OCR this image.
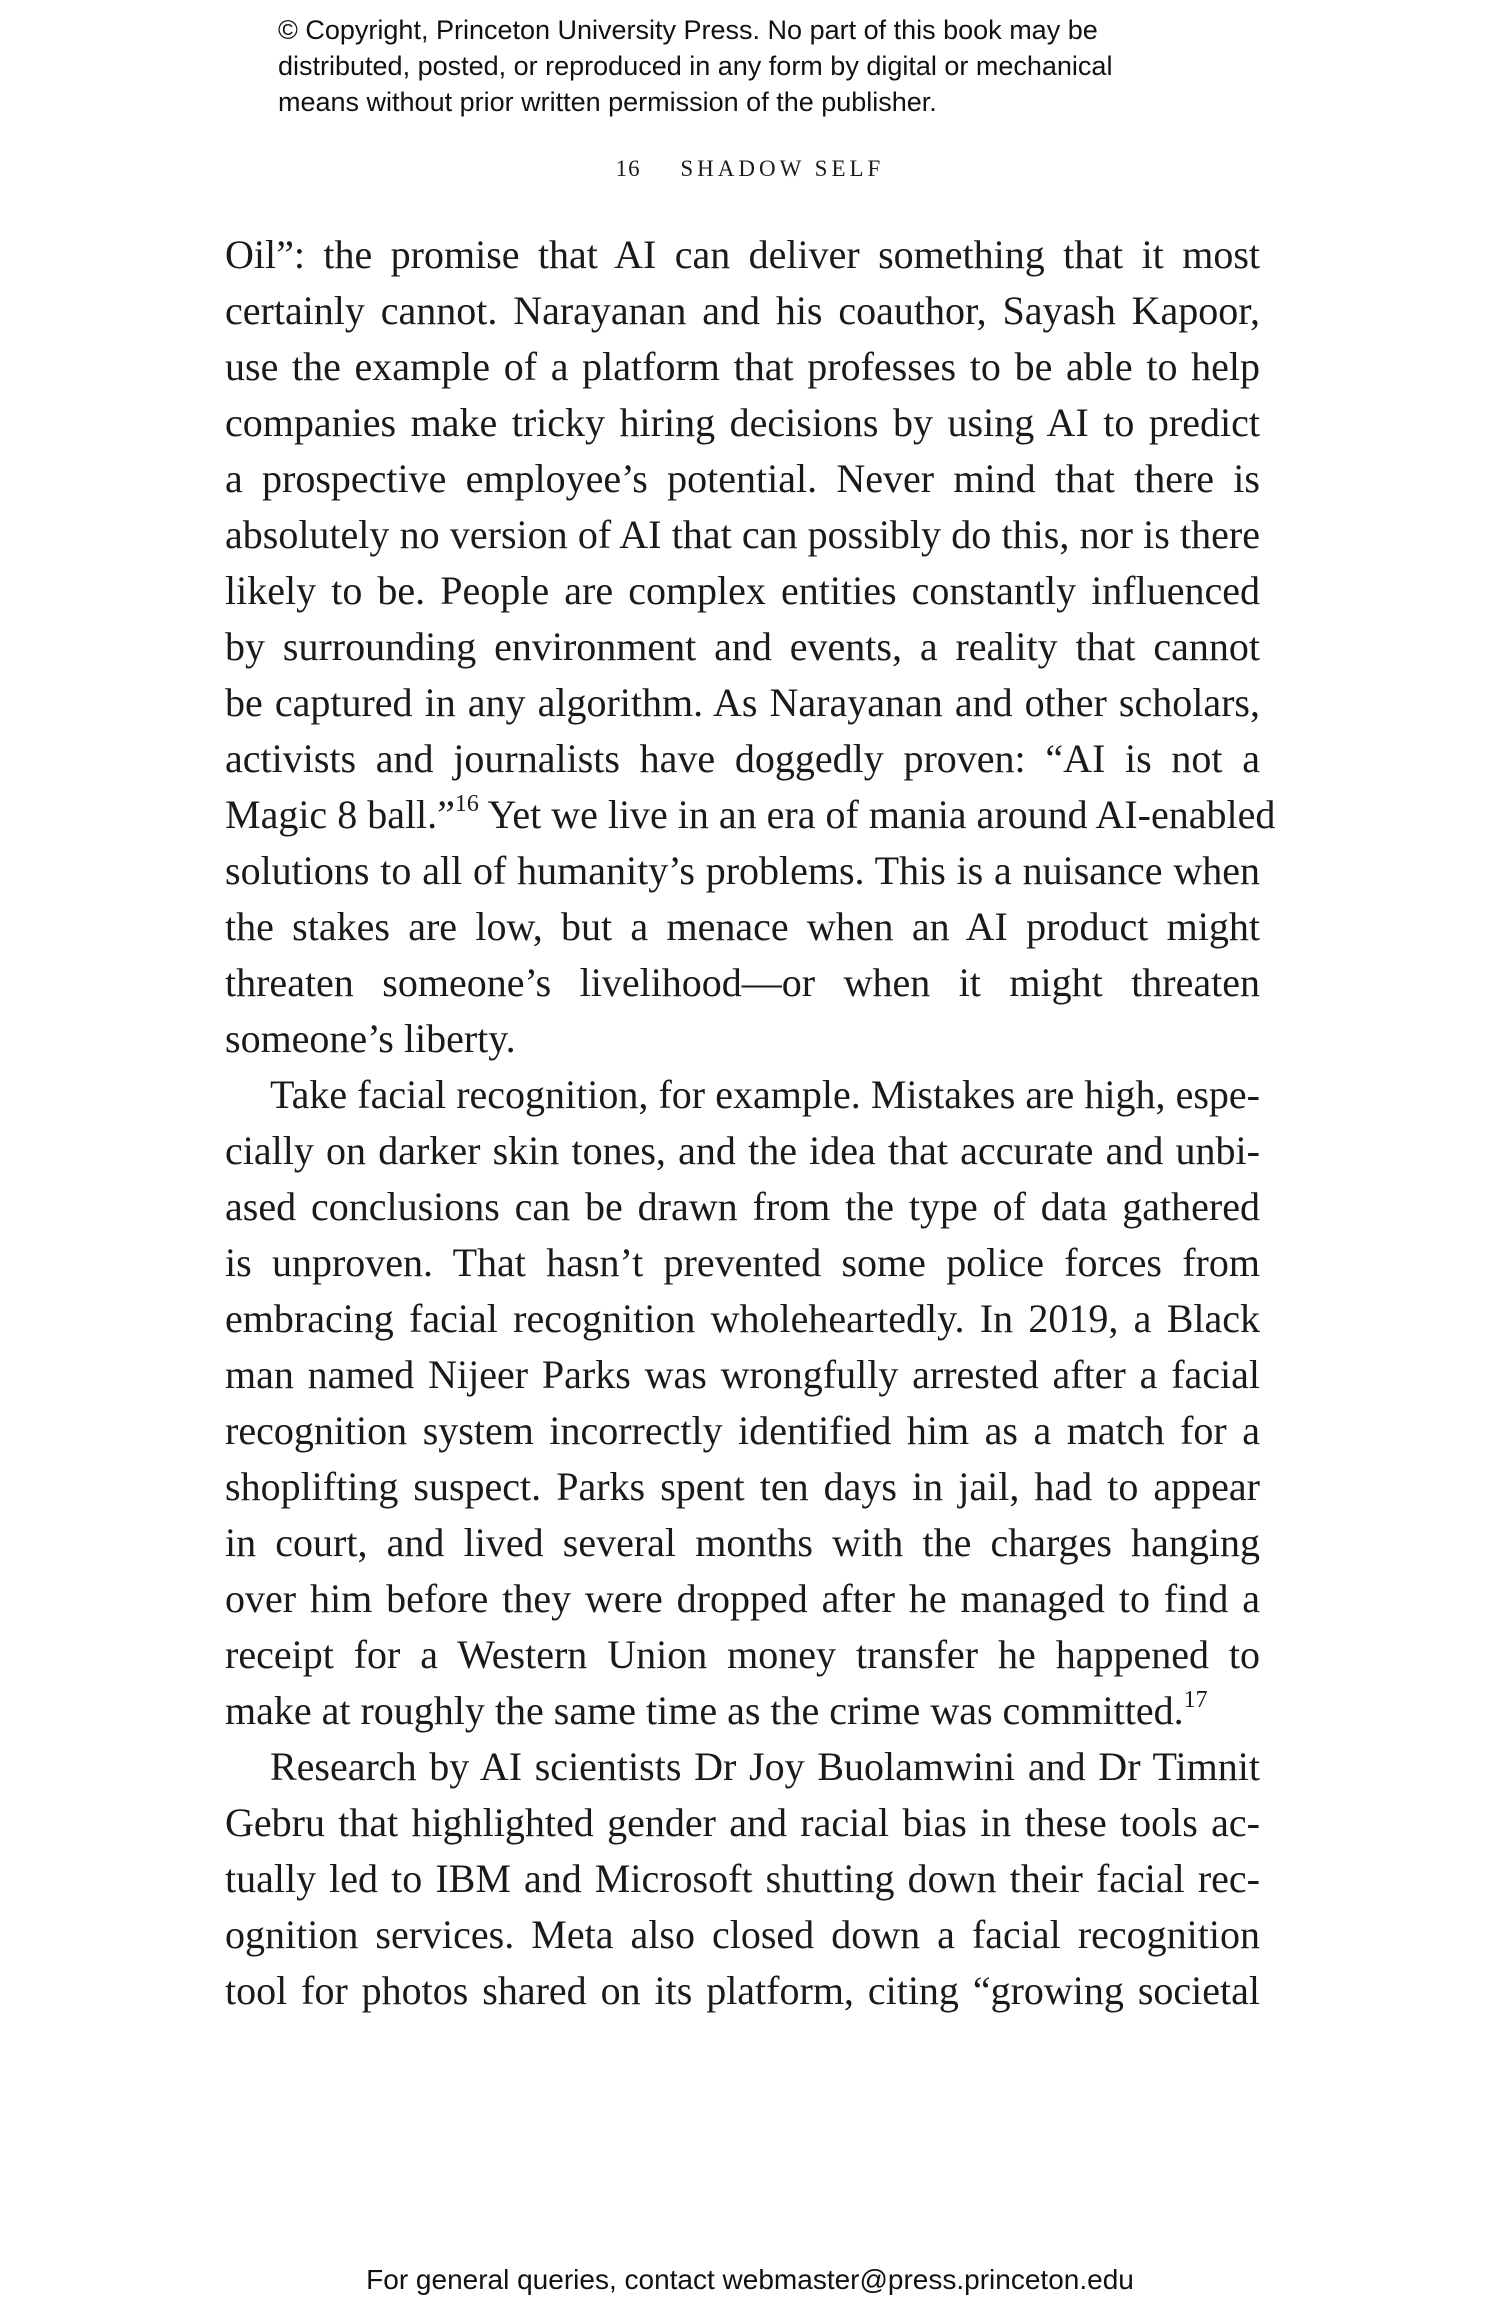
© Copyright, Princeton University Press. No part of this book may be
distributed, posted, or reproduced in any form by digital or mechanical
means without prior written permission of the publisher.
16 SHADOW SELF
Oil”: the promise that AI can deliver something that it most
certainly cannot. Narayanan and his coauthor, Sayash Kapoor,
use the example of a platform that professes to be able to help
companies make tricky hiring decisions by using AI to predict
a prospective employee’s potential. Never mind that there is
absolutely no version of AI that can possibly do this, nor is there
likely to be. People are complex entities constantly influenced
by surrounding environment and events, a reality that cannot
be captured in any algorithm. As Narayanan and other scholars,
activists and journalists have doggedly proven: “AI is not a
Magic 8 ball.”$^{16}$ Yet we live in an era of mania around AI-enabled
solutions to all of humanity’s problems. This is a nuisance when
the stakes are low, but a menace when an AI product might
threaten someone’s livelihood—or when it might threaten
someone’s liberty.
Take facial recognition, for example. Mistakes are high, espe-
cially on darker skin tones, and the idea that accurate and unbi-
ased conclusions can be drawn from the type of data gathered
is unproven. That hasn’t prevented some police forces from
embracing facial recognition wholeheartedly. In 2019, a Black
man named Nijeer Parks was wrongfully arrested after a facial
recognition system incorrectly identified him as a match for a
shoplifting suspect. Parks spent ten days in jail, had to appear
in court, and lived several months with the charges hanging
over him before they were dropped after he managed to find a
receipt for a Western Union money transfer he happened to
make at roughly the same time as the crime was committed.$^{17}$
Research by AI scientists Dr Joy Buolamwini and Dr Timnit
Gebru that highlighted gender and racial bias in these tools ac-
tually led to IBM and Microsoft shutting down their facial rec-
ognition services. Meta also closed down a facial recognition
tool for photos shared on its platform, citing “growing societal
For general queries, contact webmaster@press.princeton.edu
